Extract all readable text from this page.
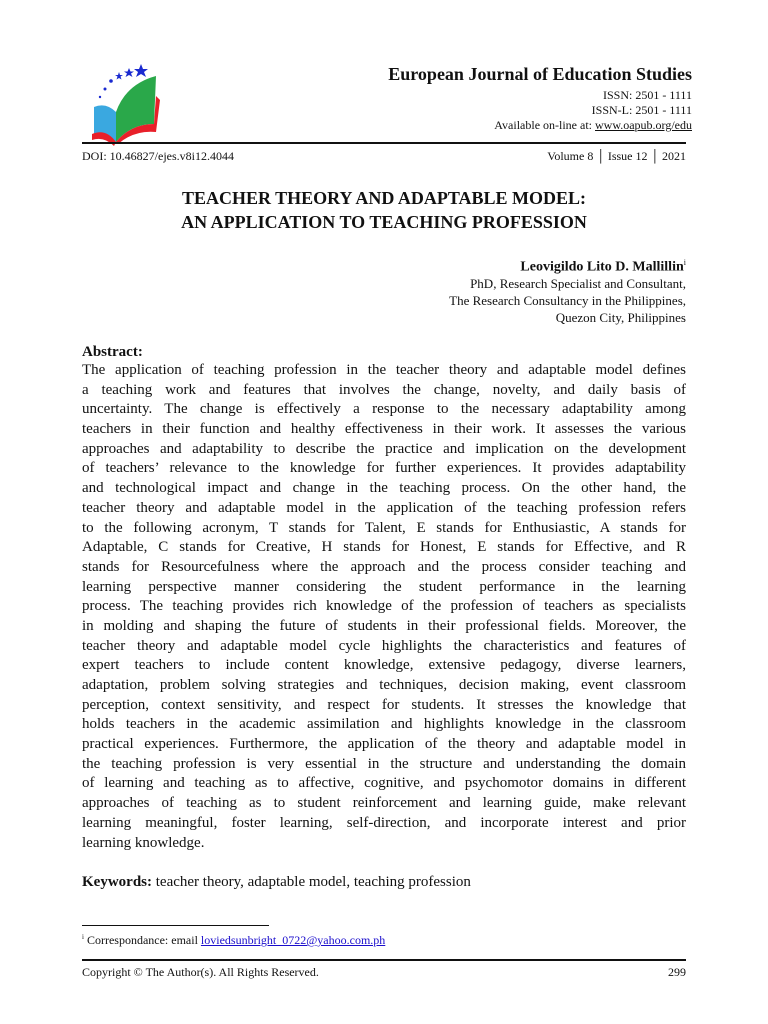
European Journal of Education Studies
ISSN: 2501 - 1111
ISSN-L: 2501 - 1111
Available on-line at: www.oapub.org/edu
DOI: 10.46827/ejes.v8i12.4044	Volume 8 │ Issue 12 │ 2021
TEACHER THEORY AND ADAPTABLE MODEL:
AN APPLICATION TO TEACHING PROFESSION
Leovigildo Lito D. Mallillin$^i$
PhD, Research Specialist and Consultant,
The Research Consultancy in the Philippines,
Quezon City, Philippines
Abstract:
The application of teaching profession in the teacher theory and adaptable model defines
a teaching work and features that involves the change, novelty, and daily basis of
uncertainty. The change is effectively a response to the necessary adaptability among
teachers in their function and healthy effectiveness in their work. It assesses the various
approaches and adaptability to describe the practice and implication on the development
of teachers’ relevance to the knowledge for further experiences. It provides adaptability
and technological impact and change in the teaching process. On the other hand, the
teacher theory and adaptable model in the application of the teaching profession refers
to the following acronym, T stands for Talent, E stands for Enthusiastic, A stands for
Adaptable, C stands for Creative, H stands for Honest, E stands for Effective, and R
stands for Resourcefulness where the approach and the process consider teaching and
learning perspective manner considering the student performance in the learning
process. The teaching provides rich knowledge of the profession of teachers as specialists
in molding and shaping the future of students in their professional fields. Moreover, the
teacher theory and adaptable model cycle highlights the characteristics and features of
expert teachers to include content knowledge, extensive pedagogy, diverse learners,
adaptation, problem solving strategies and techniques, decision making, event classroom
perception, context sensitivity, and respect for students. It stresses the knowledge that
holds teachers in the academic assimilation and highlights knowledge in the classroom
practical experiences. Furthermore, the application of the theory and adaptable model in
the teaching profession is very essential in the structure and understanding the domain
of learning and teaching as to affective, cognitive, and psychomotor domains in different
approaches of teaching as to student reinforcement and learning guide, make relevant
learning meaningful, foster learning, self-direction, and incorporate interest and prior
learning knowledge.
Keywords: teacher theory, adaptable model, teaching profession
$^i$ Correspondance: email loviedsunbright_0722@yahoo.com.ph
Copyright © The Author(s). All Rights Reserved.	299
